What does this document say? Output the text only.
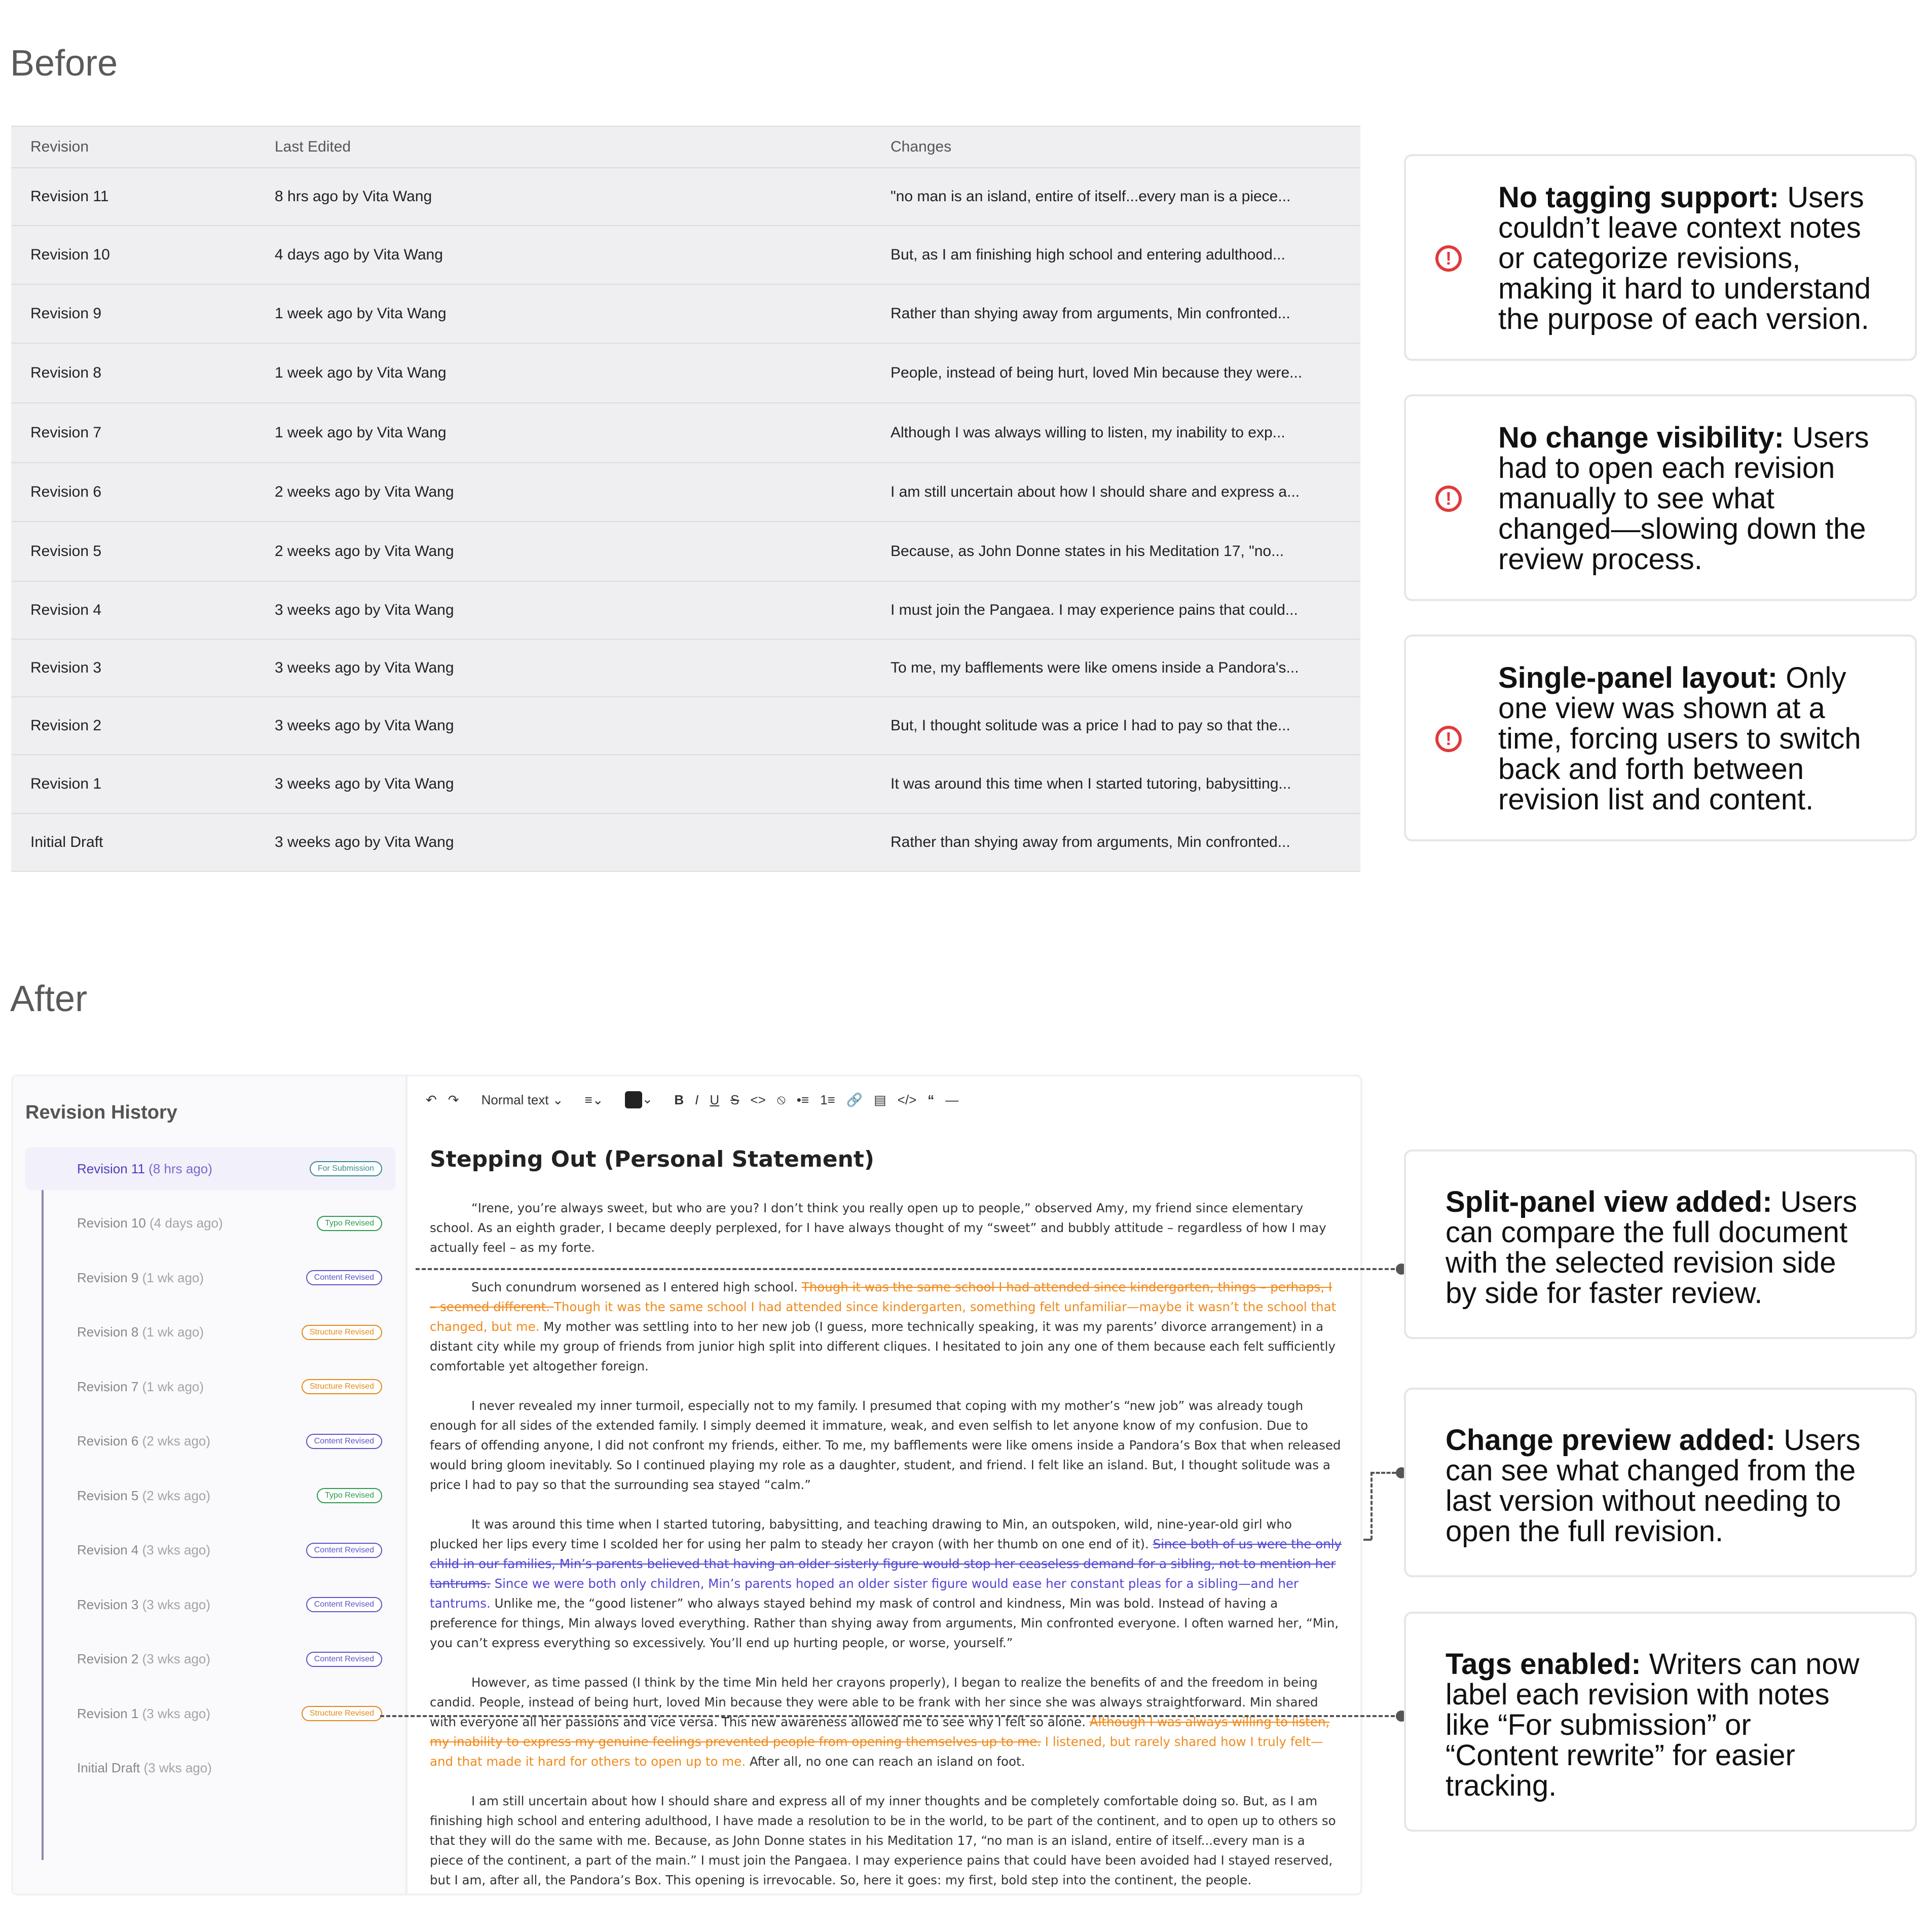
Before
Revision	Last Edited	Changes
Revision 11	8 hrs ago by Vita Wang	"no man is an island, entire of itself...every man is a piece...
Revision 10	4 days ago by Vita Wang	But, as I am finishing high school and entering adulthood...
Revision 9	1 week ago by Vita Wang	Rather than shying away from arguments, Min confronted...
Revision 8	1 week ago by Vita Wang	People, instead of being hurt, loved Min because they were...
Revision 7	1 week ago by Vita Wang	Although I was always willing to listen, my inability to exp...
Revision 6	2 weeks ago by Vita Wang	I am still uncertain about how I should share and express a...
Revision 5	2 weeks ago by Vita Wang	Because, as John Donne states in his Meditation 17, "no...
Revision 4	3 weeks ago by Vita Wang	I must join the Pangaea. I may experience pains that could...
Revision 3	3 weeks ago by Vita Wang	To me, my bafflements were like omens inside a Pandora's...
Revision 2	3 weeks ago by Vita Wang	But, I thought solitude was a price I had to pay so that the...
Revision 1	3 weeks ago by Vita Wang	It was around this time when I started tutoring, babysitting...
Initial Draft	3 weeks ago by Vita Wang	Rather than shying away from arguments, Min confronted...
!
No tagging support: Users
couldn’t leave context notes
or categorize revisions,
making it hard to understand
the purpose of each version.
!
No change visibility: Users
had to open each revision
manually to see what
changed—slowing down the
review process.
!
Single-panel layout: Only
one view was shown at a
time, forcing users to switch
back and forth between
revision list and content.
After
Revision History
Revision 11 (8 hrs ago)	For Submission
Revision 10 (4 days ago)	Typo Revised
Revision 9 (1 wk ago)	Content Revised
Revision 8 (1 wk ago)	Structure Revised
Revision 7 (1 wk ago)	Structure Revised
Revision 6 (2 wks ago)	Content Revised
Revision 5 (2 wks ago)	Typo Revised
Revision 4 (3 wks ago)	Content Revised
Revision 3 (3 wks ago)	Content Revised
Revision 2 (3 wks ago)	Content Revised
Revision 1 (3 wks ago)	Structure Revised
Initial Draft (3 wks ago)
↶ ↷ Normal text ⌄ ≡⌄	⌄ B I U S <> ⦸ •≡ 1≡ 🔗 ▤ </> “ —
Stepping Out (Personal Statement)

“Irene, you’re always sweet, but who are you? I don’t think you really open up to people,” observed Amy, my friend since elementary school. As an eighth grader, I became deeply perplexed, for I have always thought of my “sweet” and bubbly attitude – regardless of how I may actually feel – as my forte.

Such conundrum worsened as I entered high school. Though it was the same school I had attended since kindergarten, things – perhaps, I – seemed different. Though it was the same school I had attended since kindergarten, something felt unfamiliar—maybe it wasn’t the school that changed, but me. My mother was settling into to her new job (I guess, more technically speaking, it was my parents’ divorce arrangement) in a distant city while my group of friends from junior high split into different cliques. I hesitated to join any one of them because each felt sufficiently comfortable yet altogether foreign.

I never revealed my inner turmoil, especially not to my family. I presumed that coping with my mother’s “new job” was already tough enough for all sides of the extended family. I simply deemed it immature, weak, and even selfish to let anyone know of my confusion. Due to fears of offending anyone, I did not confront my friends, either. To me, my bafflements were like omens inside a Pandora’s Box that when released would bring gloom inevitably. So I continued playing my role as a daughter, student, and friend. I felt like an island. But, I thought solitude was a price I had to pay so that the surrounding sea stayed “calm.”

It was around this time when I started tutoring, babysitting, and teaching drawing to Min, an outspoken, wild, nine-year-old girl who plucked her lips every time I scolded her for using her palm to steady her crayon (with her thumb on one end of it). Since both of us were the only child in our families, Min’s parents believed that having an older sisterly figure would stop her ceaseless demand for a sibling, not to mention her tantrums. Since we were both only children, Min’s parents hoped an older sister figure would ease her constant pleas for a sibling—and her tantrums. Unlike me, the “good listener” who always stayed behind my mask of control and kindness, Min was bold. Instead of having a preference for things, Min always loved everything. Rather than shying away from arguments, Min confronted everyone. I often warned her, “Min, you can’t express everything so excessively. You’ll end up hurting people, or worse, yourself.”

However, as time passed (I think by the time Min held her crayons properly), I began to realize the benefits of and the freedom in being candid. People, instead of being hurt, loved Min because they were able to be frank with her since she was always straightforward. Min shared with everyone all her passions and vice versa. This new awareness allowed me to see why I felt so alone. Although I was always willing to listen, my inability to express my genuine feelings prevented people from opening themselves up to me. I listened, but rarely shared how I truly felt—and that made it hard for others to open up to me. After all, no one can reach an island on foot.

I am still uncertain about how I should share and express all of my inner thoughts and be completely comfortable doing so. But, as I am finishing high school and entering adulthood, I have made a resolution to be in the world, to be part of the continent, and to open up to others so that they will do the same with me. Because, as John Donne states in his Meditation 17, “no man is an island, entire of itself...every man is a piece of the continent, a part of the main.” I must join the Pangaea. I may experience pains that could have been avoided had I stayed reserved, but I am, after all, the Pandora’s Box. This opening is irrevocable. So, here it goes: my first, bold step into the continent, the people.

Split-panel view added: Users
can compare the full document
with the selected revision side
by side for faster review.
Change preview added: Users
can see what changed from the
last version without needing to
open the full revision.
Tags enabled: Writers can now
label each revision with notes
like “For submission” or
“Content rewrite” for easier
tracking.
